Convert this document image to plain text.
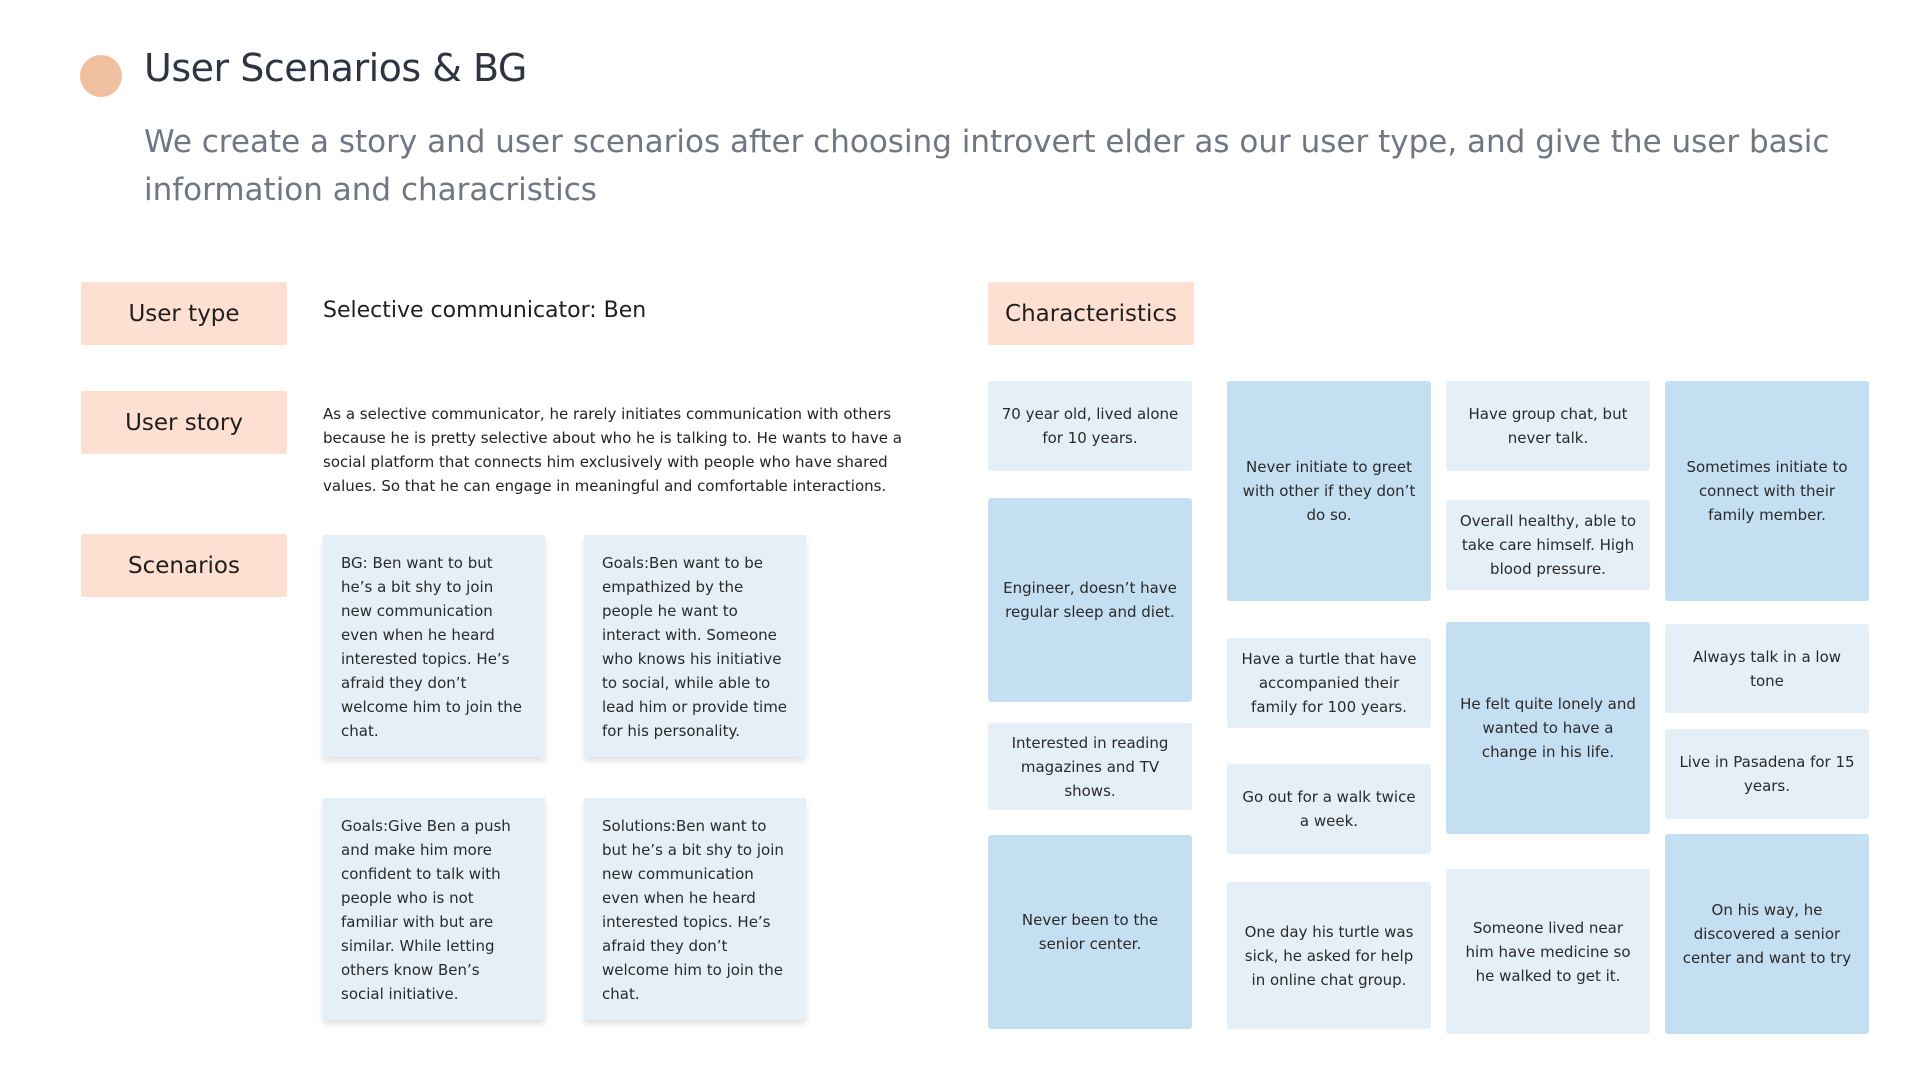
User Scenarios & BG
We create a story and user scenarios after choosing introvert elder as our user type, and give the user basic information and characristics
User type	Selective communicator: Ben
User story	As a selective communicator, he rarely initiates communication with others because he is pretty selective about who he is talking to. He wants to have a social platform that connects him exclusively with people who have shared values. So that he can engage in meaningful and comfortable interactions.
Scenarios	BG: Ben want to but he’s a bit shy to join new communication even when he heard interested topics. He’s afraid they don’t welcome him to join the chat.
Goals:Ben want to be empathized by the people he want to interact with. Someone who knows his initiative to social, while able to lead him or provide time for his personality.
Goals:Give Ben a push and make him more confident to talk with people who is not familiar with but are similar. While letting others know Ben’s social initiative.
Solutions:Ben want to but he’s a bit shy to join new communication even when he heard interested topics. He’s afraid they don’t welcome him to join the chat.
Characteristics
70 year old, lived alone for 10 years.
Engineer, doesn’t have regular sleep and diet.
Interested in reading magazines and TV shows.
Never been to the senior center.
Never initiate to greet with other if they don’t do so.
Have a turtle that have accompanied their family for 100 years.
Go out for a walk twice a week.
One day his turtle was sick, he asked for help in online chat group.
Have group chat, but never talk.
Overall healthy, able to take care himself. High blood pressure.
He felt quite lonely and wanted to have a change in his life.
Someone lived near him have medicine so he walked to get it.
Sometimes initiate to connect with their family member.
Always talk in a low tone
Live in Pasadena for 15 years.
On his way, he discovered a senior center and want to try
